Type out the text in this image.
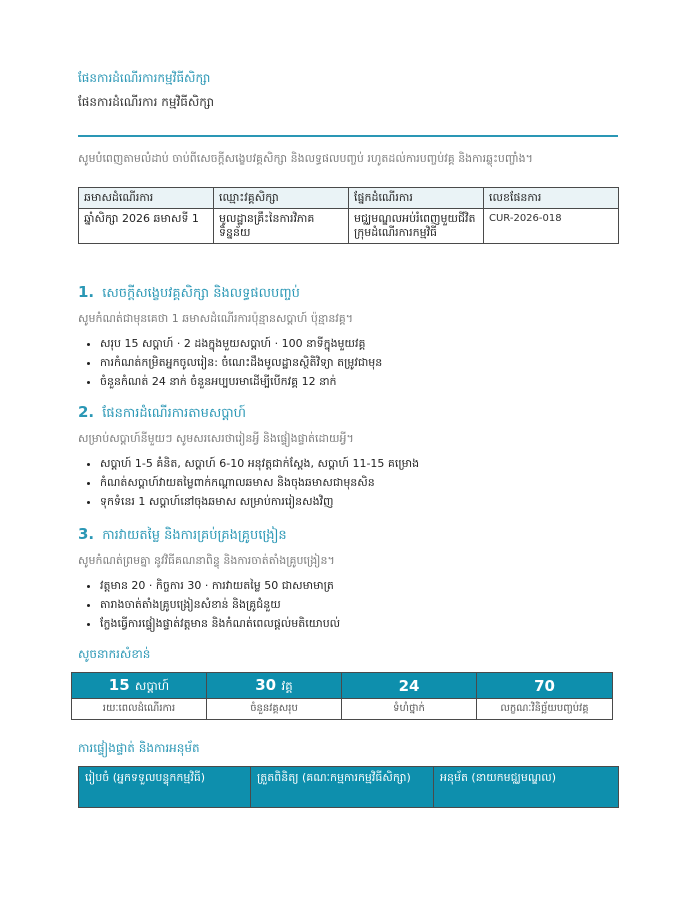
ផែនការដំណើរការកម្មវិធីសិក្សា
ផែនការដំណើរការ កម្មវិធីសិក្សា
សូមបំពេញតាមលំដាប់ ចាប់ពីសេចក្តីសង្ខេបវគ្គសិក្សា និងលទ្ធផលបញ្ចប់ រហូតដល់ការបញ្ចប់វគ្គ និងការឆ្លុះបញ្ចាំង។
ឆមាសដំណើរការ	ឈ្មោះវគ្គសិក្សា	ផ្នែកដំណើរការ	លេខផែនការ
ឆ្នាំសិក្សា 2026 ឆមាសទី 1	មូលដ្ឋានគ្រឹះនៃការវិភាគទិន្នន័យ	មជ្ឈមណ្ឌលអប់រំពេញមួយជីវិត ក្រុមដំណើរការកម្មវិធី	CUR-2026-018
1. សេចក្តីសង្ខេបវគ្គសិក្សា និងលទ្ធផលបញ្ចប់
សូមកំណត់ជាមុនគេថា 1 ឆមាសដំណើរការប៉ុន្មានសប្តាហ៍ ប៉ុន្មានវគ្គ។
• សរុប 15 សប្តាហ៍ · 2 ដងក្នុងមួយសប្តាហ៍ · 100 នាទីក្នុងមួយវគ្គ
• ការកំណត់កម្រិតអ្នកចូលរៀន: ចំណេះដឹងមូលដ្ឋានស្ថិតិវិទ្យា តម្រូវជាមុន
• ចំនួនកំណត់ 24 នាក់ ចំនួនអប្បបរមាដើម្បីបើកវគ្គ 12 នាក់
2. ផែនការដំណើរការតាមសប្តាហ៍
សម្រាប់សប្តាហ៍នីមួយៗ សូមសរសេរថារៀនអ្វី និងផ្ទៀងផ្ទាត់ដោយអ្វី។
• សប្តាហ៍ 1-5 គំនិត, សប្តាហ៍ 6-10 អនុវត្តជាក់ស្តែង, សប្តាហ៍ 11-15 គម្រោង
• កំណត់សប្តាហ៍វាយតម្លៃពាក់កណ្តាលឆមាស និងចុងឆមាសជាមុនសិន
• ទុកទំនេរ 1 សប្តាហ៍នៅចុងឆមាស សម្រាប់ការរៀនសងវិញ
3. ការវាយតម្លៃ និងការគ្រប់គ្រងគ្រូបង្រៀន
សូមកំណត់ព្រមគ្នា នូវវិធីគណនាពិន្ទុ និងការចាត់តាំងគ្រូបង្រៀន។
• វត្តមាន 20 · កិច្ចការ 30 · ការវាយតម្លៃ 50 ជាសមាមាត្រ
• តារាងចាត់តាំងគ្រូបង្រៀនសំខាន់ និងគ្រូជំនួយ
• ក្លែងធ្វើការផ្ទៀងផ្ទាត់វត្តមាន និងកំណត់ពេលផ្តល់មតិយោបល់
សូចនាករសំខាន់
15 សប្តាហ៍	30 វគ្គ	24	70
រយៈពេលដំណើរការ	ចំនួនវគ្គសរុប	ទំហំថ្នាក់	លក្ខណៈវិនិច្ឆ័យបញ្ចប់វគ្គ
ការផ្ទៀងផ្ទាត់ និងការអនុម័ត
រៀបចំ (អ្នកទទួលបន្ទុកកម្មវិធី)	ត្រួតពិនិត្យ (គណៈកម្មការកម្មវិធីសិក្សា)	អនុម័ត (នាយកមជ្ឈមណ្ឌល)
